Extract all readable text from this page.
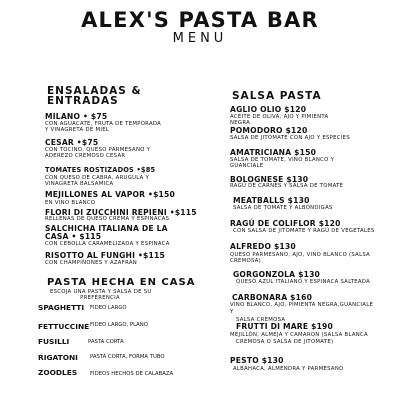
ALEX'S PASTA BAR
MENU
ENSALADAS &
ENTRADAS
MILANO • $75
CON AGUACATE, FRUTA DE TEMPORADA
Y VINAGRETA DE MIEL
CESAR •$75
CON TOCINO, QUESO PARMESANO Y
ADEREZO CREMOSO CESAR
TOMATES ROSTIZADOS •$85
CON QUESO DE CABRA, ARUGULA Y
VINAGRETA BALSAMICA
MEJILLONES AL VAPOR •$150
EN VINO BLANCO
FLORI DI ZUCCHINI REPIENI •$115
RELLENAS DE QUESO CREMA Y ESPINACAS
SALCHICHA ITALIANA DE LA
CASA • $115
CON CEBOLLA CARAMELIZADA Y ESPINACA
RISOTTO AL FUNGHI •$115
CON CHAMPIÑONES Y AZAFRÁN
PASTA HECHA EN CASA
ESCOJA UNA PASTA Y SALSA DE SU
PREFERENCIA
SPAGHETTI FIDEO LARGO
FETTUCCINE FIDEO LARGO, PLANO
FUSILLI	PASTA CORTA
RIGATONI PASTA CORTA, FORMA TUBO
ZOODLES FIDEOS HECHOS DE CALABAZA
SALSA PASTA
AGLIO OLIO $120
ACEITE DE OLIVA, AJO Y PIMIENTA
NEGRA
POMODORO $120
SALSA DE JITOMATE CON AJO Y ESPECIES
AMATRICIANA $150
SALSA DE TOMATE, VINO BLANCO Y
GUANCIALE
BOLOGNESE $130
RAGÚ DE CARNES Y SALSA DE TOMATE
MEATBALLS $130
SALSA DE TOMATE Y ALBÓNDIGAS
RAGÚ DE COLIFLOR $120
CON SALSA DE JITOMATE Y RAGÚ DE VEGETALES
ALFREDO $130
QUESO PARMESANO, AJO, VINO BLANCO (SALSA
CREMOSA)
GORGONZOLA $130
QUESO AZUL ITALIANO Y ESPINACA SALTEADA
CARBONARA $160
VINO BLANCO, AJO, PIMIENTA NEGRA,GUANCIALE
Y
SALSA CREMOSA
FRUTTI DI MARE $190
MEJILLÓN, ALMEJA Y CAMARON (SALSA BLANCA
CREMOSA O SALSA DE JITOMATE)
PESTO $130
ALBAHACA, ALMENDRA Y PARMESANO
